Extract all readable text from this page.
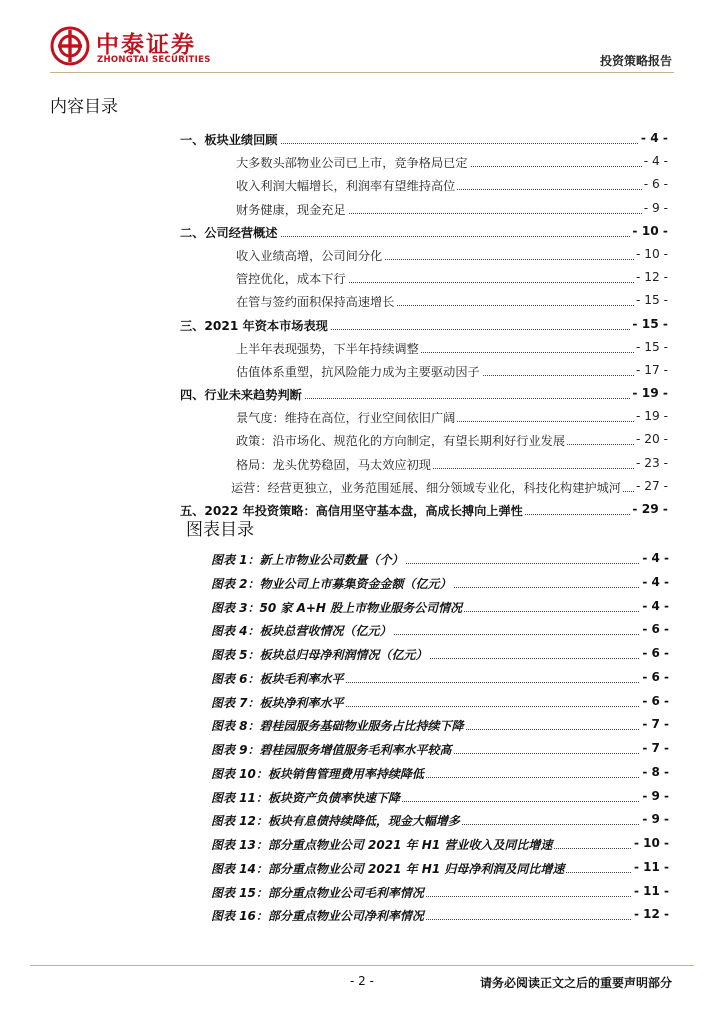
中泰证券
ZHONGTAI SECURITIES	投资策略报告
内容目录
一、板块业绩回顾	- 4 -
大多数头部物业公司已上市，竞争格局已定	- 4 -
收入利润大幅增长，利润率有望维持高位	- 6 -
财务健康，现金充足	- 9 -
二、公司经营概述	- 10 -
收入业绩高增，公司间分化	- 10 -
管控优化，成本下行	- 12 -
在管与签约面积保持高速增长	- 15 -
三、2021 年资本市场表现	- 15 -
上半年表现强势，下半年持续调整	- 15 -
估值体系重塑，抗风险能力成为主要驱动因子	- 17 -
四、行业未来趋势判断	- 19 -
景气度：维持在高位，行业空间依旧广阔	- 19 -
政策：沿市场化、规范化的方向制定，有望长期利好行业发展	- 20 -
格局：龙头优势稳固，马太效应初现	- 23 -
运营：经营更独立，业务范围延展、细分领域专业化，科技化构建护城河 - 27 -
五、2022 年投资策略：高信用坚守基本盘，高成长搏向上弹性	- 29 -
图表目录
图表 1：新上市物业公司数量（个）	- 4 -
图表 2：物业公司上市募集资金金额（亿元）	- 4 -
图表 3：50 家 A+H 股上市物业服务公司情况	- 4 -
图表 4：板块总营收情况（亿元）	- 6 -
图表 5：板块总归母净利润情况（亿元）	- 6 -
图表 6：板块毛利率水平	- 6 -
图表 7：板块净利率水平	- 6 -
图表 8：碧桂园服务基础物业服务占比持续下降	- 7 -
图表 9：碧桂园服务增值服务毛利率水平较高	- 7 -
图表 10：板块销售管理费用率持续降低	- 8 -
图表 11：板块资产负债率快速下降	- 9 -
图表 12：板块有息债持续降低，现金大幅增多	- 9 -
图表 13：部分重点物业公司 2021 年 H1 营业收入及同比增速	- 10 -
图表 14：部分重点物业公司 2021 年 H1 归母净利润及同比增速	- 11 -
图表 15：部分重点物业公司毛利率情况	- 11 -
图表 16：部分重点物业公司净利率情况	- 12 -
- 2 -	请务必阅读正文之后的重要声明部分
